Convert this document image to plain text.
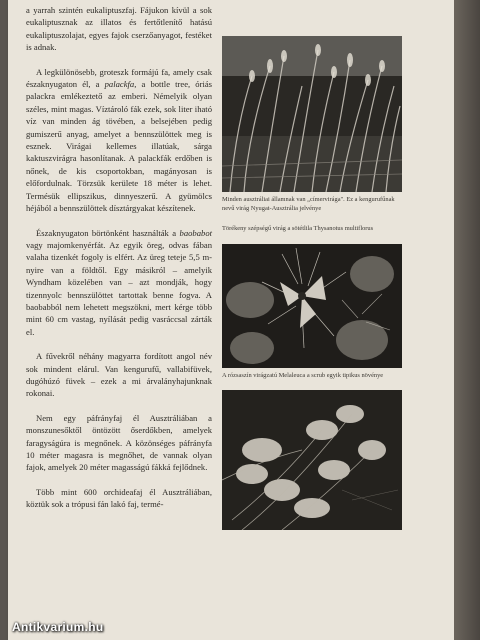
a yarrah szintén eukaliptuszfaj. Fájukon kívül a sok eukaliptusznak az illatos és fertőtlenítő hatású eukaliptuszolajat, egyes fajok cserzőanyagot, festéket is adnak.

A legkülönösebb, groteszk formájú fa, amely csak északnyugaton él, a palackfa, a bottle tree, óriás palackra emlékeztető az emberi. Némelyik olyan széles, mint magas. Víztároló fák ezek, sok liter iható víz van minden ág tövében, a belsejében pedig gumiszerű anyag, amelyet a bennszülöttek meg is esznek. Virágai kellemes illatúak, sárga kaktuszvirágra hasonlítanak. A palackfák erdőben is nőnek, de kis csoportokban, magányosan is előfordulnak. Törzsük kerülete 18 méter is lehet. Termésük ellipszikus, dinnyeszerű. A gyümölcs héjából a bennszülöttek dísztárgyakat készítenek.

Északnyugaton börtönként használták a baobabot vagy majomkenyérfát. Az egyik öreg, odvas fában valaha tizenkét fogoly is elfért. Az üreg teteje 5,5 m-nyire van a földtől. Egy másikról – amelyik Wyndham közelében van – azt mondják, hogy tizennyolc bennszülöttet tartottak benne fogva. A baobabból nem lehetett megszökni, mert kérge több mint 60 cm vastag, nyílását pedig vasráccsal zárták el.

A fűvekről néhány magyarra fordított angol név sok mindent elárul. Van kengurufű, vallabifüvek, dugóhúzó füvek – ezek a mi árvalányhajunknak rokonai.

Nem egy páfrányfaj él Ausztráliában a monszunesőktől öntözött őserdőkben, amelyek faragyságúra is megnőnek. A közönséges páfrányfa 10 méter magasra is megnőhet, de vannak olyan fajok, amelyek 20 méter magasságú fákká fejlődnek.

Több mint 600 orchideafaj él Ausztráliában, köztük sok a trópusi fán lakó faj, termé-

Minden ausztráliai államnak van „címervirága". Ez a kengurufűnak nevű virág Nyugat-Ausztrália jelvénye
Törékeny szépségű virág a sötétlila Thysanotus multiflorus
A rózsaszín virágzatú Melaleuca a scrub egyik tipikus növénye
Antikvarium.hu
